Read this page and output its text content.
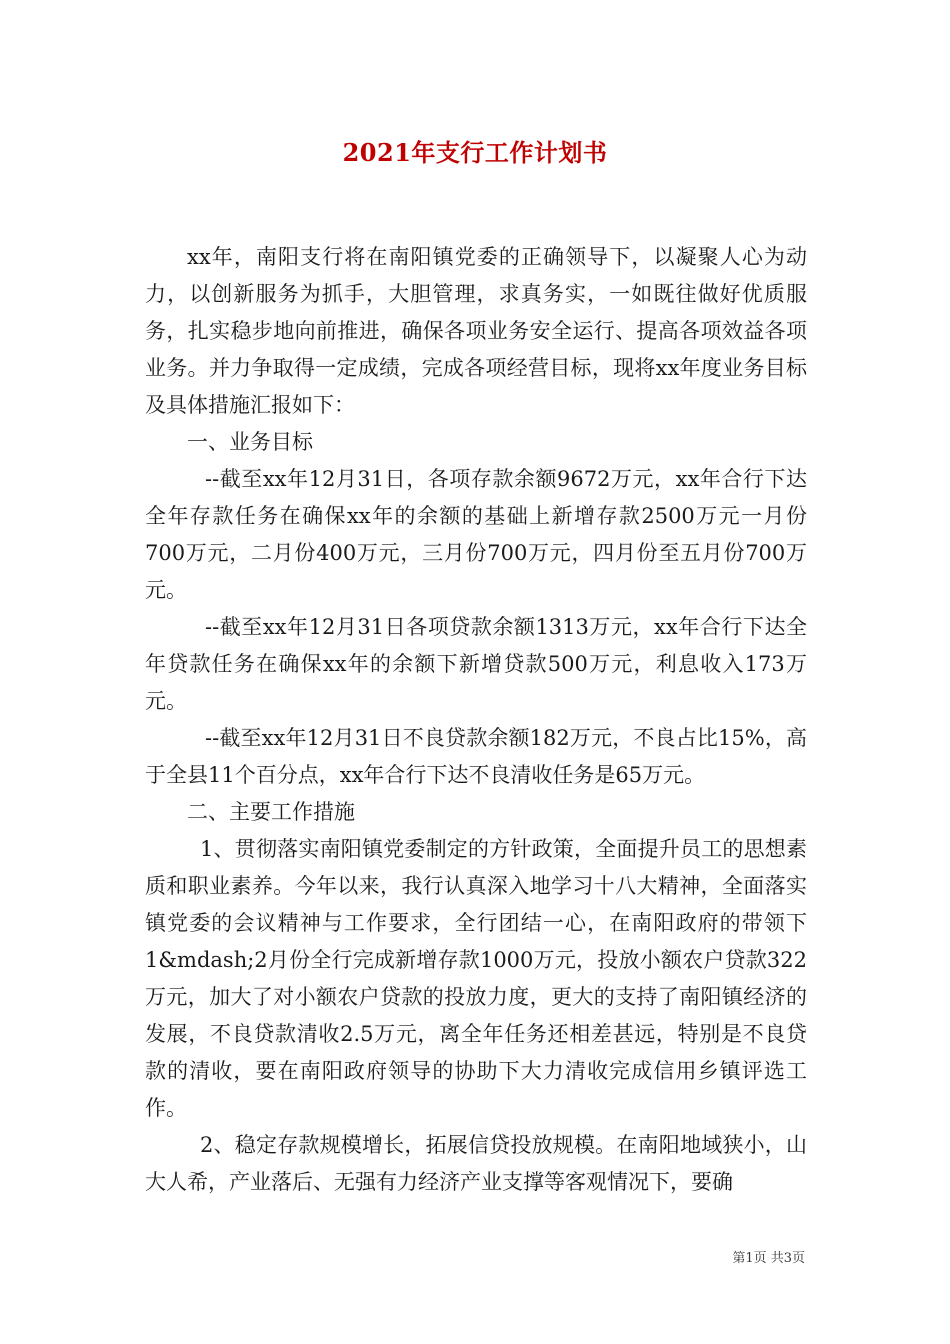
2021年支行工作计划书

xx年，南阳支行将在南阳镇党委的正确领导下，以凝聚人心为动力，以创新服务为抓手，大胆管理，求真务实，一如既往做好优质服务，扎实稳步地向前推进，确保各项业务安全运行、提高各项效益各项业务。并力争取得一定成绩，完成各项经营目标，现将xx年度业务目标及具体措施汇报如下：

一、业务目标

--截至xx年12月31日，各项存款余额9672万元，xx年合行下达全年存款任务在确保xx年的余额的基础上新增存款2500万元一月份700万元，二月份400万元，三月份700万元，四月份至五月份700万元。

--截至xx年12月31日各项贷款余额1313万元，xx年合行下达全年贷款任务在确保xx年的余额下新增贷款500万元，利息收入173万元。

--截至xx年12月31日不良贷款余额182万元，不良占比15%，高于全县11个百分点，xx年合行下达不良清收任务是65万元。

二、主要工作措施

1、贯彻落实南阳镇党委制定的方针政策，全面提升员工的思想素质和职业素养。今年以来，我行认真深入地学习十八大精神，全面落实镇党委的会议精神与工作要求，全行团结一心，在南阳政府的带领下1&mdash;2月份全行完成新增存款1000万元，投放小额农户贷款322万元，加大了对小额农户贷款的投放力度，更大的支持了南阳镇经济的发展，不良贷款清收2.5万元，离全年任务还相差甚远，特别是不良贷款的清收，要在南阳政府领导的协助下大力清收完成信用乡镇评选工作。

2、稳定存款规模增长，拓展信贷投放规模。在南阳地域狭小，山大人希，产业落后、无强有力经济产业支撑等客观情况下，要确

第1页 共3页
